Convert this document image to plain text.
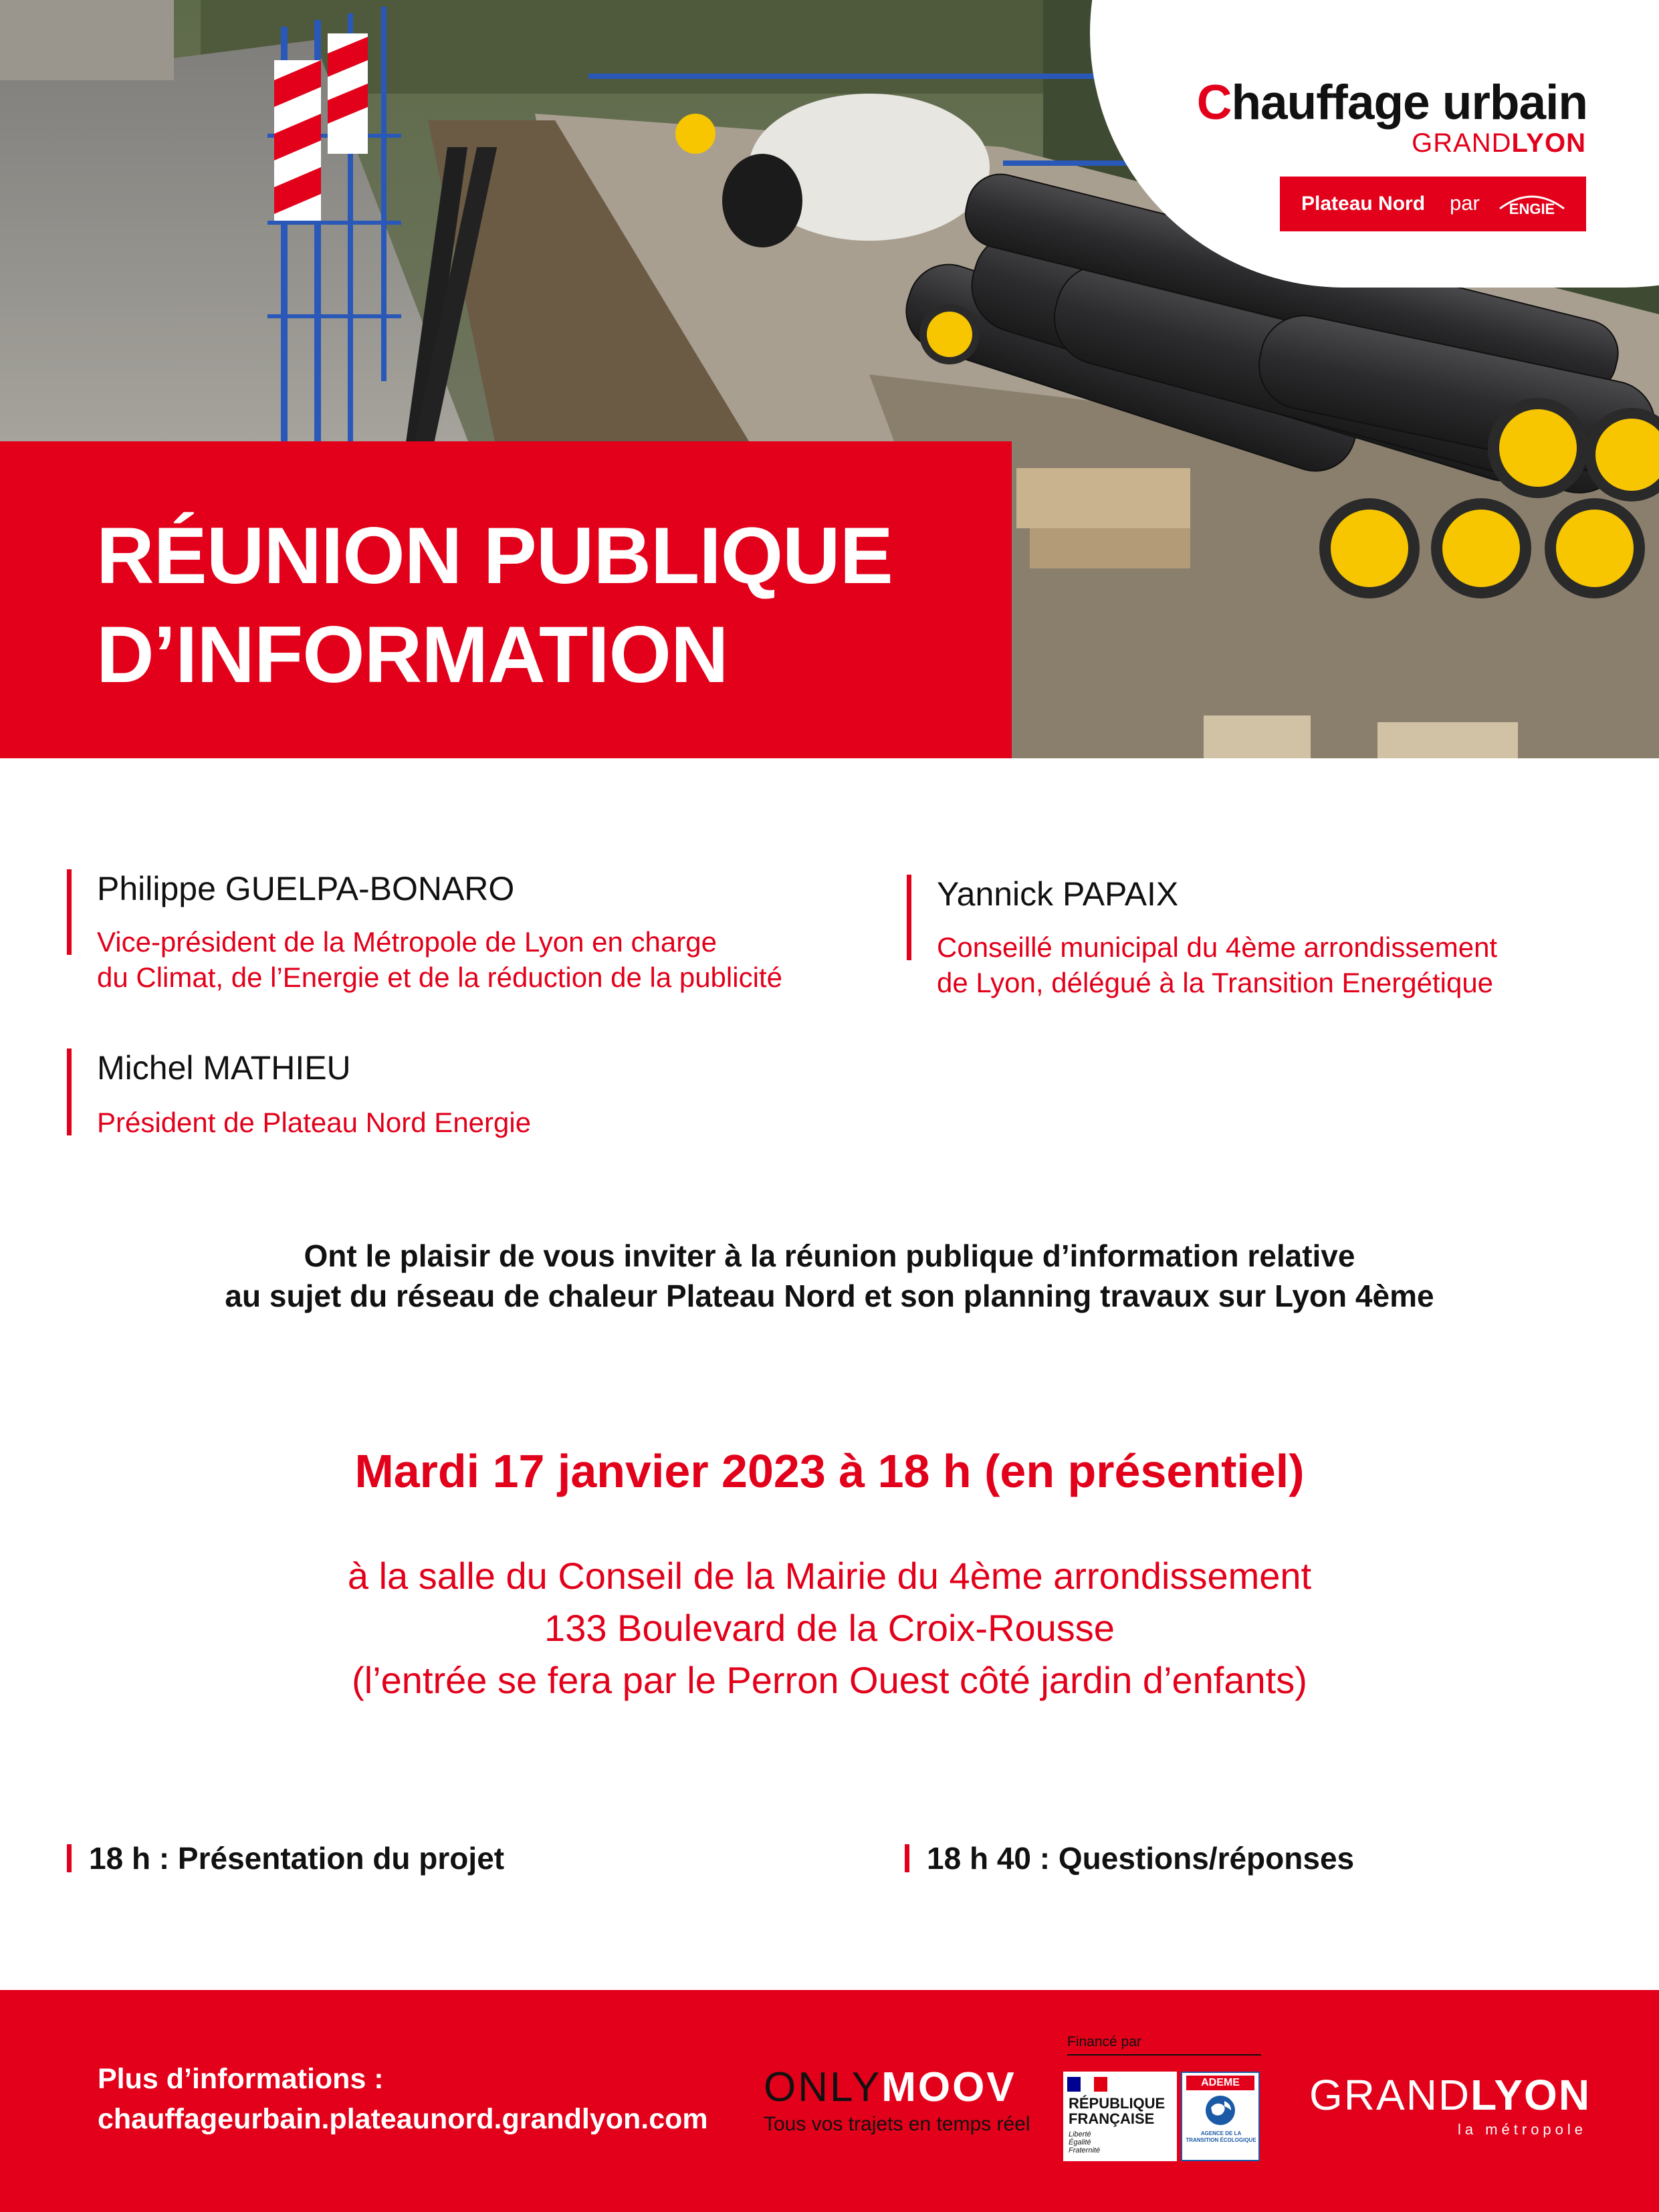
Chauffage urbain
GRANDLYON
Plateau Nord par ENGIE
RÉUNION PUBLIQUE
D’INFORMATION
Philippe GUELPA-BONARO
Vice-président de la Métropole de Lyon en charge
du Climat, de l’Energie et de la réduction de la publicité
Yannick PAPAIX
Conseillé municipal du 4ème arrondissement
de Lyon, délégué à la Transition Energétique
Michel MATHIEU
Président de Plateau Nord Energie
Ont le plaisir de vous inviter à la réunion publique d’information relative
au sujet du réseau de chaleur Plateau Nord et son planning travaux sur Lyon 4ème
Mardi 17 janvier 2023 à 18 h (en présentiel)
à la salle du Conseil de la Mairie du 4ème arrondissement
133 Boulevard de la Croix-Rousse
(l’entrée se fera par le Perron Ouest côté jardin d’enfants)
18 h : Présentation du projet	18 h 40 : Questions/réponses
Plus d’informations :
chauffageurbain.plateaunord.grandlyon.com
ONLYMOOV
Tous vos trajets en temps réel
Financé par
RÉPUBLIQUE
FRANÇAISE
Liberté
Égalité
Fraternité
ADEME
AGENCE DE LA TRANSITION ÉCOLOGIQUE
GRANDLYON
la métropole
